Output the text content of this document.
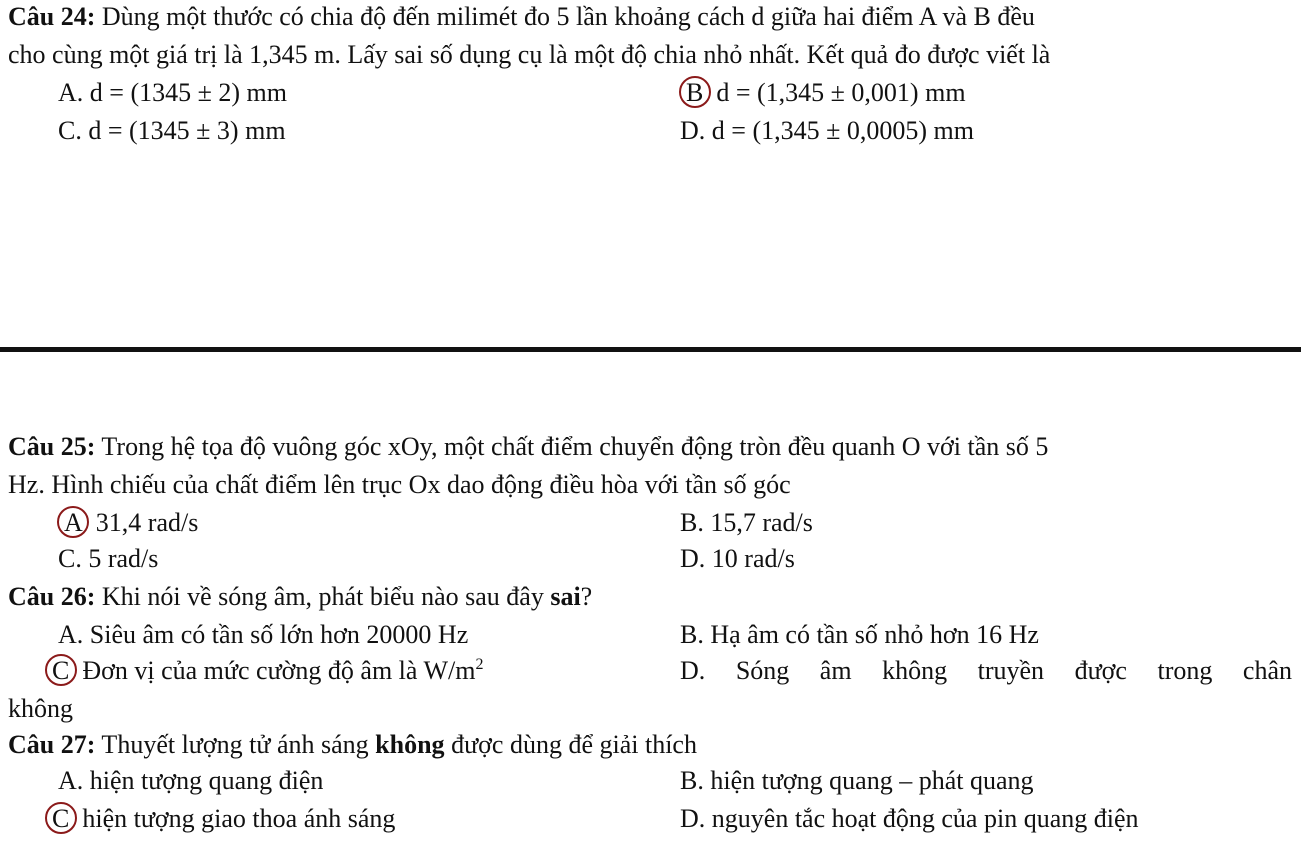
Câu 24: Dùng một thước có chia độ đến milimét đo 5 lần khoảng cách d giữa hai điểm A và B đều
cho cùng một giá trị là 1,345 m. Lấy sai số dụng cụ là một độ chia nhỏ nhất. Kết quả đo được viết là
A. d = (1345 ± 2) mm	B d = (1,345 ± 0,001) mm
C. d = (1345 ± 3) mm	D. d = (1,345 ± 0,0005) mm
Câu 25: Trong hệ tọa độ vuông góc xOy, một chất điểm chuyển động tròn đều quanh O với tần số 5
Hz. Hình chiếu của chất điểm lên trục Ox dao động điều hòa với tần số góc
A 31,4 rad/s	B. 15,7 rad/s
C. 5 rad/s	D. 10 rad/s
Câu 26: Khi nói về sóng âm, phát biểu nào sau đây sai?
A. Siêu âm có tần số lớn hơn 20000 Hz	B. Hạ âm có tần số nhỏ hơn 16 Hz
C Đơn vị của mức cường độ âm là $W/m^2$	D. Sóng âm không truyền được trong chân
không
Câu 27: Thuyết lượng tử ánh sáng không được dùng để giải thích
A. hiện tượng quang điện	B. hiện tượng quang – phát quang
C hiện tượng giao thoa ánh sáng	D. nguyên tắc hoạt động của pin quang điện
